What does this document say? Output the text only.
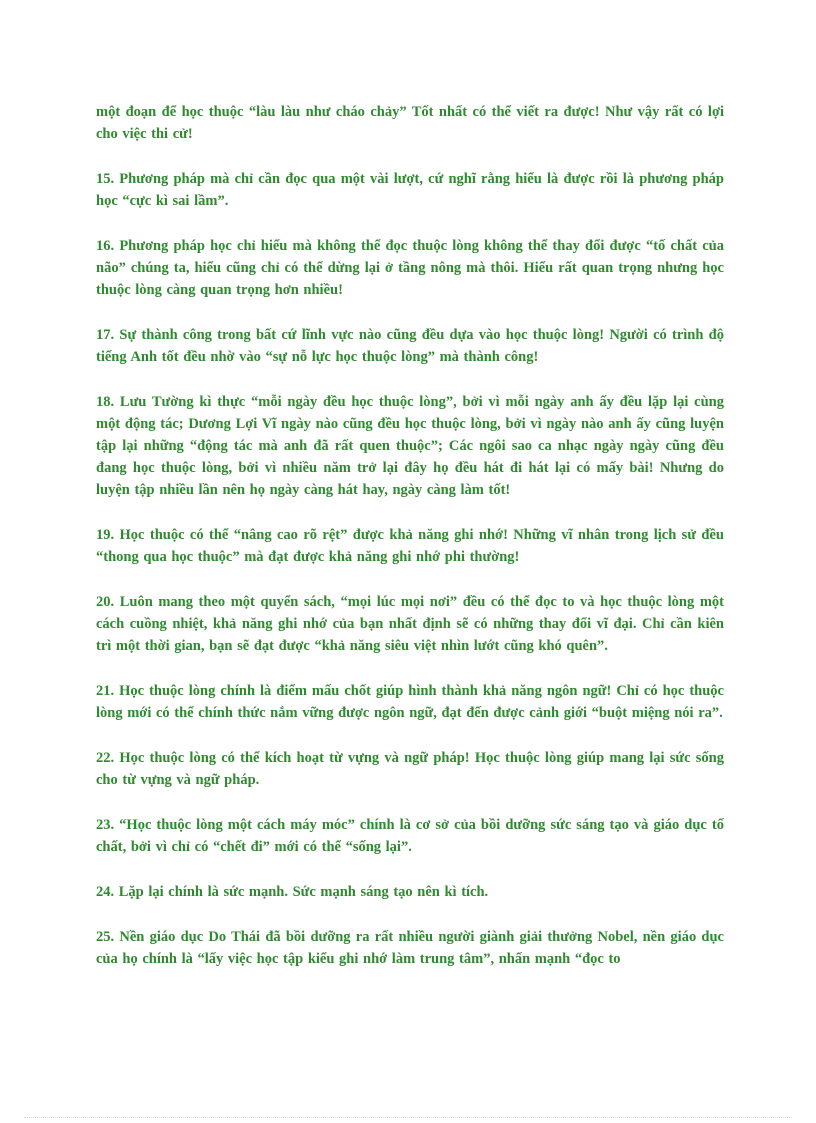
một đoạn để học thuộc “làu làu như cháo chảy” Tốt nhất có thể viết ra được! Như vậy rất có lợi cho việc thi cử!

15. Phương pháp mà chỉ cần đọc qua một vài lượt, cứ nghĩ rằng hiểu là được rồi là phương pháp học “cực kì sai lầm”.

16. Phương pháp học chỉ hiểu mà không thể đọc thuộc lòng không thể thay đổi được “tố chất của não” chúng ta, hiểu cũng chỉ có thể dừng lại ở tầng nông mà thôi. Hiểu rất quan trọng nhưng học thuộc lòng càng quan trọng hơn nhiều!

17. Sự thành công trong bất cứ lĩnh vực nào cũng đều dựa vào học thuộc lòng! Người có trình độ tiếng Anh tốt đều nhờ vào “sự nỗ lực học thuộc lòng” mà thành công!

18. Lưu Tường kì thực “mỗi ngày đều học thuộc lòng”, bởi vì mỗi ngày anh ấy đều lặp lại cùng một động tác; Dương Lợi Vĩ ngày nào cũng đều học thuộc lòng, bởi vì ngày nào anh ấy cũng luyện tập lại những “động tác mà anh đã rất quen thuộc”; Các ngôi sao ca nhạc ngày ngày cũng đều đang học thuộc lòng, bởi vì nhiều năm trở lại đây họ đều hát đi hát lại có mấy bài! Nhưng do luyện tập nhiều lần nên họ ngày càng hát hay, ngày càng làm tốt!

19. Học thuộc có thể “nâng cao rõ rệt” được khả năng ghi nhớ! Những vĩ nhân trong lịch sử đều “thong qua học thuộc” mà đạt được khả năng ghi nhớ phi thường!

20. Luôn mang theo một quyển sách, “mọi lúc mọi nơi” đều có thể đọc to và học thuộc lòng một cách cuồng nhiệt, khả năng ghi nhớ của bạn nhất định sẽ có những thay đổi vĩ đại. Chỉ cần kiên trì một thời gian, bạn sẽ đạt được “khả năng siêu việt nhìn lướt cũng khó quên”.

21. Học thuộc lòng chính là điểm mấu chốt giúp hình thành khả năng ngôn ngữ! Chỉ có học thuộc lòng mới có thể chính thức nắm vững được ngôn ngữ, đạt đến được cảnh giới “buột miệng nói ra”.

22. Học thuộc lòng có thể kích hoạt từ vựng và ngữ pháp! Học thuộc lòng giúp mang lại sức sống cho từ vựng và ngữ pháp.

23. “Học thuộc lòng một cách máy móc” chính là cơ sở của bồi dưỡng sức sáng tạo và giáo dục tố chất, bởi vì chỉ có “chết đi” mới có thể “sống lại”.

24. Lặp lại chính là sức mạnh. Sức mạnh sáng tạo nên kì tích.

25. Nền giáo dục Do Thái đã bồi dưỡng ra rất nhiều người giành giải thưởng Nobel, nền giáo dục của họ chính là “lấy việc học tập kiểu ghi nhớ làm trung tâm”, nhấn mạnh “đọc to
